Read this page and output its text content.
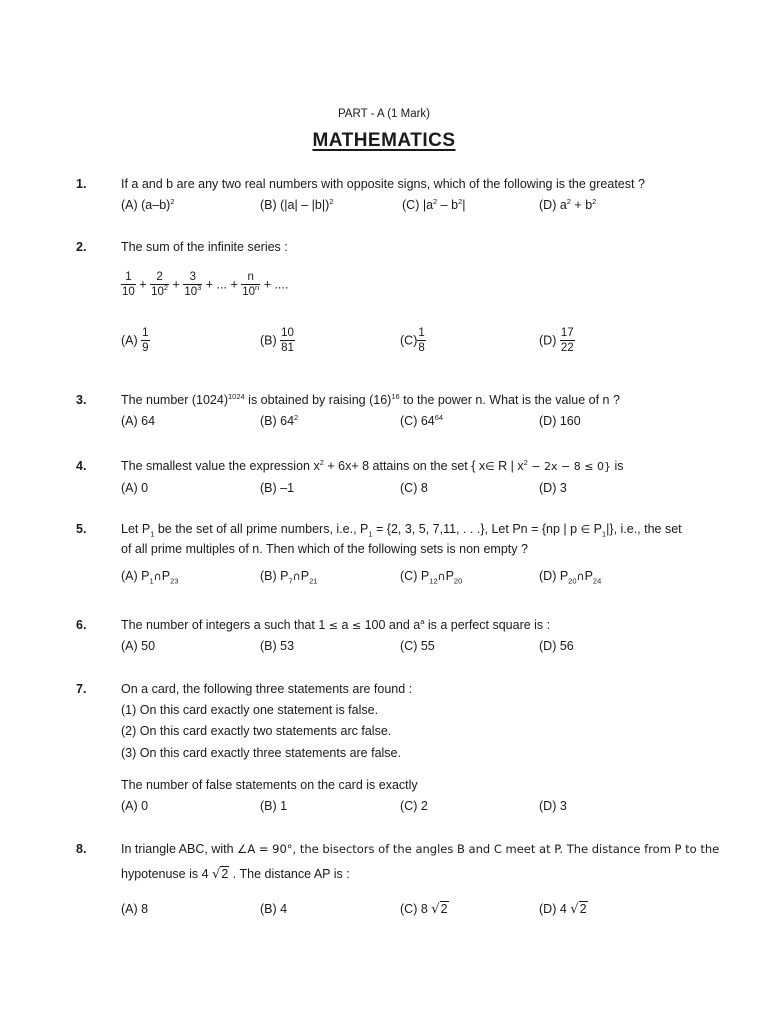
PART - A (1 Mark)
MATHEMATICS
1.	If a and b are any two real numbers with opposite signs, which of the following is the greatest ?
(A) $(a-b)^2$	(B) (|a| – |b|)$^2$	(C) $|a^2 - b^2|$	(D) $a^2 + b^2$
2.	The sum of the infinite series :
$\frac{1}{10} + \frac{2}{10^2} + \frac{3}{10^3}$ + ... + $\frac{n}{10^n}$ + ....
$(A) \frac{1}{9}$	$(B) \frac{10}{81}$	$(C) \frac{1}{8}$	$(D) \frac{17}{22}$
3.	The number $(1024)^{1024}$ is obtained by raising $(16)^{16}$ to the power n. What is the value of n ?
(A) 64	(B) $64^2$	(C) $64^{64}$	(D) 160
4.	The smallest value the expression $x^2 + 6x+ 8$ attains on the set { x∈ R | $x^2 - 2x - 8 \le 0$} is
(A) 0	(B) –1	(C) 8	(D) 3
5.	Let $P_1$ be the set of all prime numbers, i.e., $P_1 = \{2$, 3, 5, 7,11, . . .}, Let Pn = {np | p ∈ $P_1|$}, i.e., the set
of all prime multiples of n. Then which of the following sets is non empty ?
(A) $P_1\cap P_{23}$	(B) $P_7\cap P_{21}$	(C) $P_{12}\cap P_{20}$	(D) $P_{20}\cap P_{24}$
6.	The number of integers a such that 1 ≤ a ≤ 100 and $a^a$ is a perfect square is :
(A) 50	(B) 53	(C) 55	(D) 56
7.	On a card, the following three statements are found :
(1) On this card exactly one statement is false.
(2) On this card exactly two statements arc false.
(3) On this card exactly three statements are false.
The number of false statements on the card is exactly
(A) 0	(B) 1	(C) 2	(D) 3
8.	In triangle ABC, with ∠A = 90°, the bisectors of the angles B and C meet at P. The distance from P to the
hypotenuse is 4 √2 . The distance AP is :
(A) 8	(B) 4	(C) 8 √2	(D) 4 √2
